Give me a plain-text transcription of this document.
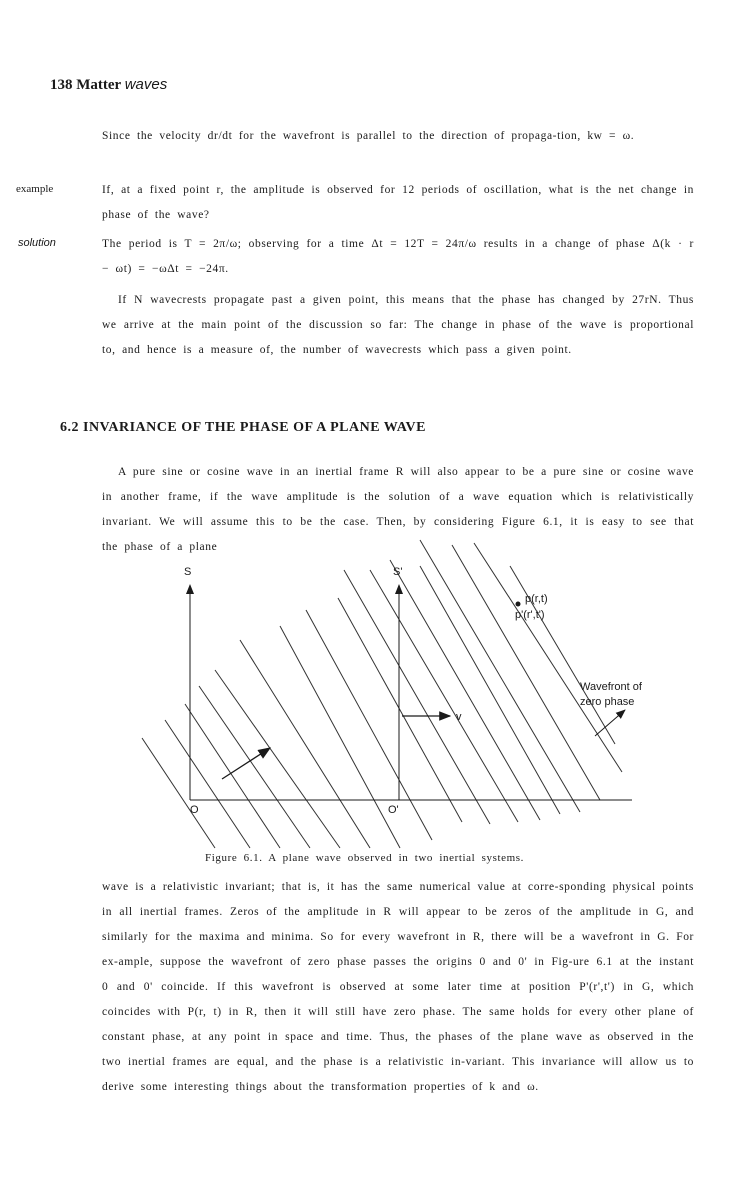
138 Matter waves
Since the velocity dr/dt for the wavefront is parallel to the direction of propaga-tion, kw = ω.
example	If, at a fixed point r, the amplitude is observed for 12 periods of oscillation, what is the net change in phase of the wave?
solution	The period is T = 2π/ω; observing for a time Δt = 12T = 24π/ω results in a change of phase Δ(k · r − ωt) = −ωΔt = −24π.
If N wavecrests propagate past a given point, this means that the phase has changed by 27rN. Thus we arrive at the main point of the discussion so far: The change in phase of the wave is proportional to, and hence is a measure of, the number of wavecrests which pass a given point.
6.2 INVARIANCE OF THE PHASE OF A PLANE WAVE
A pure sine or cosine wave in an inertial frame R will also appear to be a pure sine or cosine wave in another frame, if the wave amplitude is the solution of a wave equation which is relativistically invariant. We will assume this to be the case. Then, by considering Figure 6.1, it is easy to see that the phase of a plane
S	S'
O	O'
v
p(r,t)
p'(r',t')
Wavefront of
zero phase
Figure 6.1. A plane wave observed in two inertial systems.
wave is a relativistic invariant; that is, it has the same numerical value at corre-sponding physical points in all inertial frames. Zeros of the amplitude in R will appear to be zeros of the amplitude in G, and similarly for the maxima and minima. So for every wavefront in R, there will be a wavefront in G. For ex-ample, suppose the wavefront of zero phase passes the origins 0 and 0' in Fig-ure 6.1 at the instant 0 and 0' coincide. If this wavefront is observed at some later time at position P'(r',t') in G, which coincides with P(r, t) in R, then it will still have zero phase. The same holds for every other plane of constant phase, at any point in space and time. Thus, the phases of the plane wave as observed in the two inertial frames are equal, and the phase is a relativistic in-variant. This invariance will allow us to derive some interesting things about the transformation properties of k and ω.
